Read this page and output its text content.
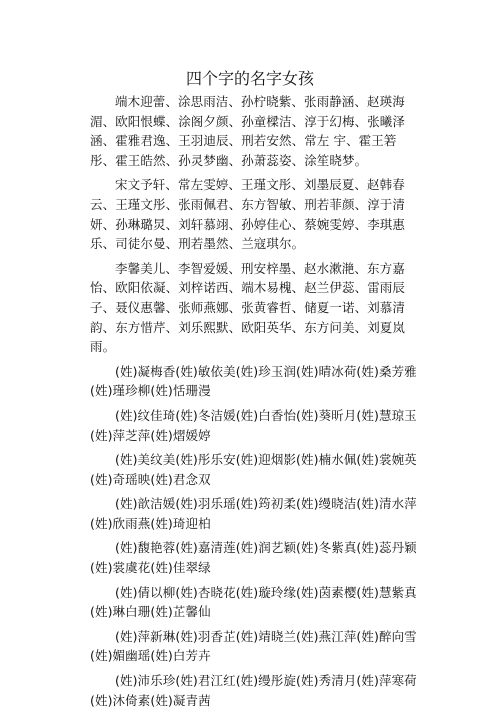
四个字的名字女孩

端木迎蕾、涂思雨洁、孙柠晓紫、张雨静涵、赵瑛海湄、欧阳恨蝶、涂阁夕颜、孙童樑洁、淳于幻梅、张曦泽涵、霍雅君逸、王羽迪辰、刑若安然、常左 宇、霍王箬彤、霍王皓然、孙灵梦幽、孙萧蕊姿、涂笙晓梦。

宋文予轩、常左雯婷、王瑾文彤、刘墨辰夏、赵韩春云、王瑾文彤、张雨佩君、东方智敏、刑若菲颜、淳于清妍、孙琳璐炅、刘轩慕翊、孙婷佳心、蔡婉雯婷、李琪惠乐、司徒尔曼、刑若墨然、兰寇琪尔。

李馨美儿、李智爱媛、刑安梓墨、赵水漱滟、东方嘉怡、欧阳依凝、刘梓诺西、端木易槐、赵兰伊蕊、雷雨辰子、聂仪惠馨、张师燕娜、张黄睿哲、储夏一诺、刘慕清韵、东方惜芹、刘乐熙默、欧阳英华、东方问美、刘夏岚雨。

(姓)凝梅香(姓)敏依美(姓)珍玉润(姓)晴冰荷(姓)桑芳雅(姓)瑾珍柳(姓)恬珊漫

(姓)纹佳琦(姓)冬洁媛(姓)白香怡(姓)葵昕月(姓)慧琼玉(姓)萍芝萍(姓)熠媛婷

(姓)美纹美(姓)彤乐安(姓)迎烟影(姓)楠水佩(姓)裳婉英(姓)奇瑶映(姓)君念双

(姓)歆洁媛(姓)羽乐瑶(姓)筠初柔(姓)缦晓洁(姓)清水萍(姓)欣雨燕(姓)琦迎柏

(姓)馥艳蓉(姓)嘉清莲(姓)润艺颖(姓)冬紫真(姓)蕊丹颖(姓)裳虞花(姓)佳翠绿

(姓)倩以柳(姓)杏晓花(姓)璇玲缘(姓)茵素樱(姓)慧紫真(姓)琳白珊(姓)芷馨仙

(姓)萍新琳(姓)羽香芷(姓)靖晓兰(姓)燕江萍(姓)醉向雪(姓)媚幽瑶(姓)白芳卉

(姓)沛乐珍(姓)君江红(姓)缦彤旋(姓)秀清月(姓)萍寒荷(姓)沐倚素(姓)凝青茜
